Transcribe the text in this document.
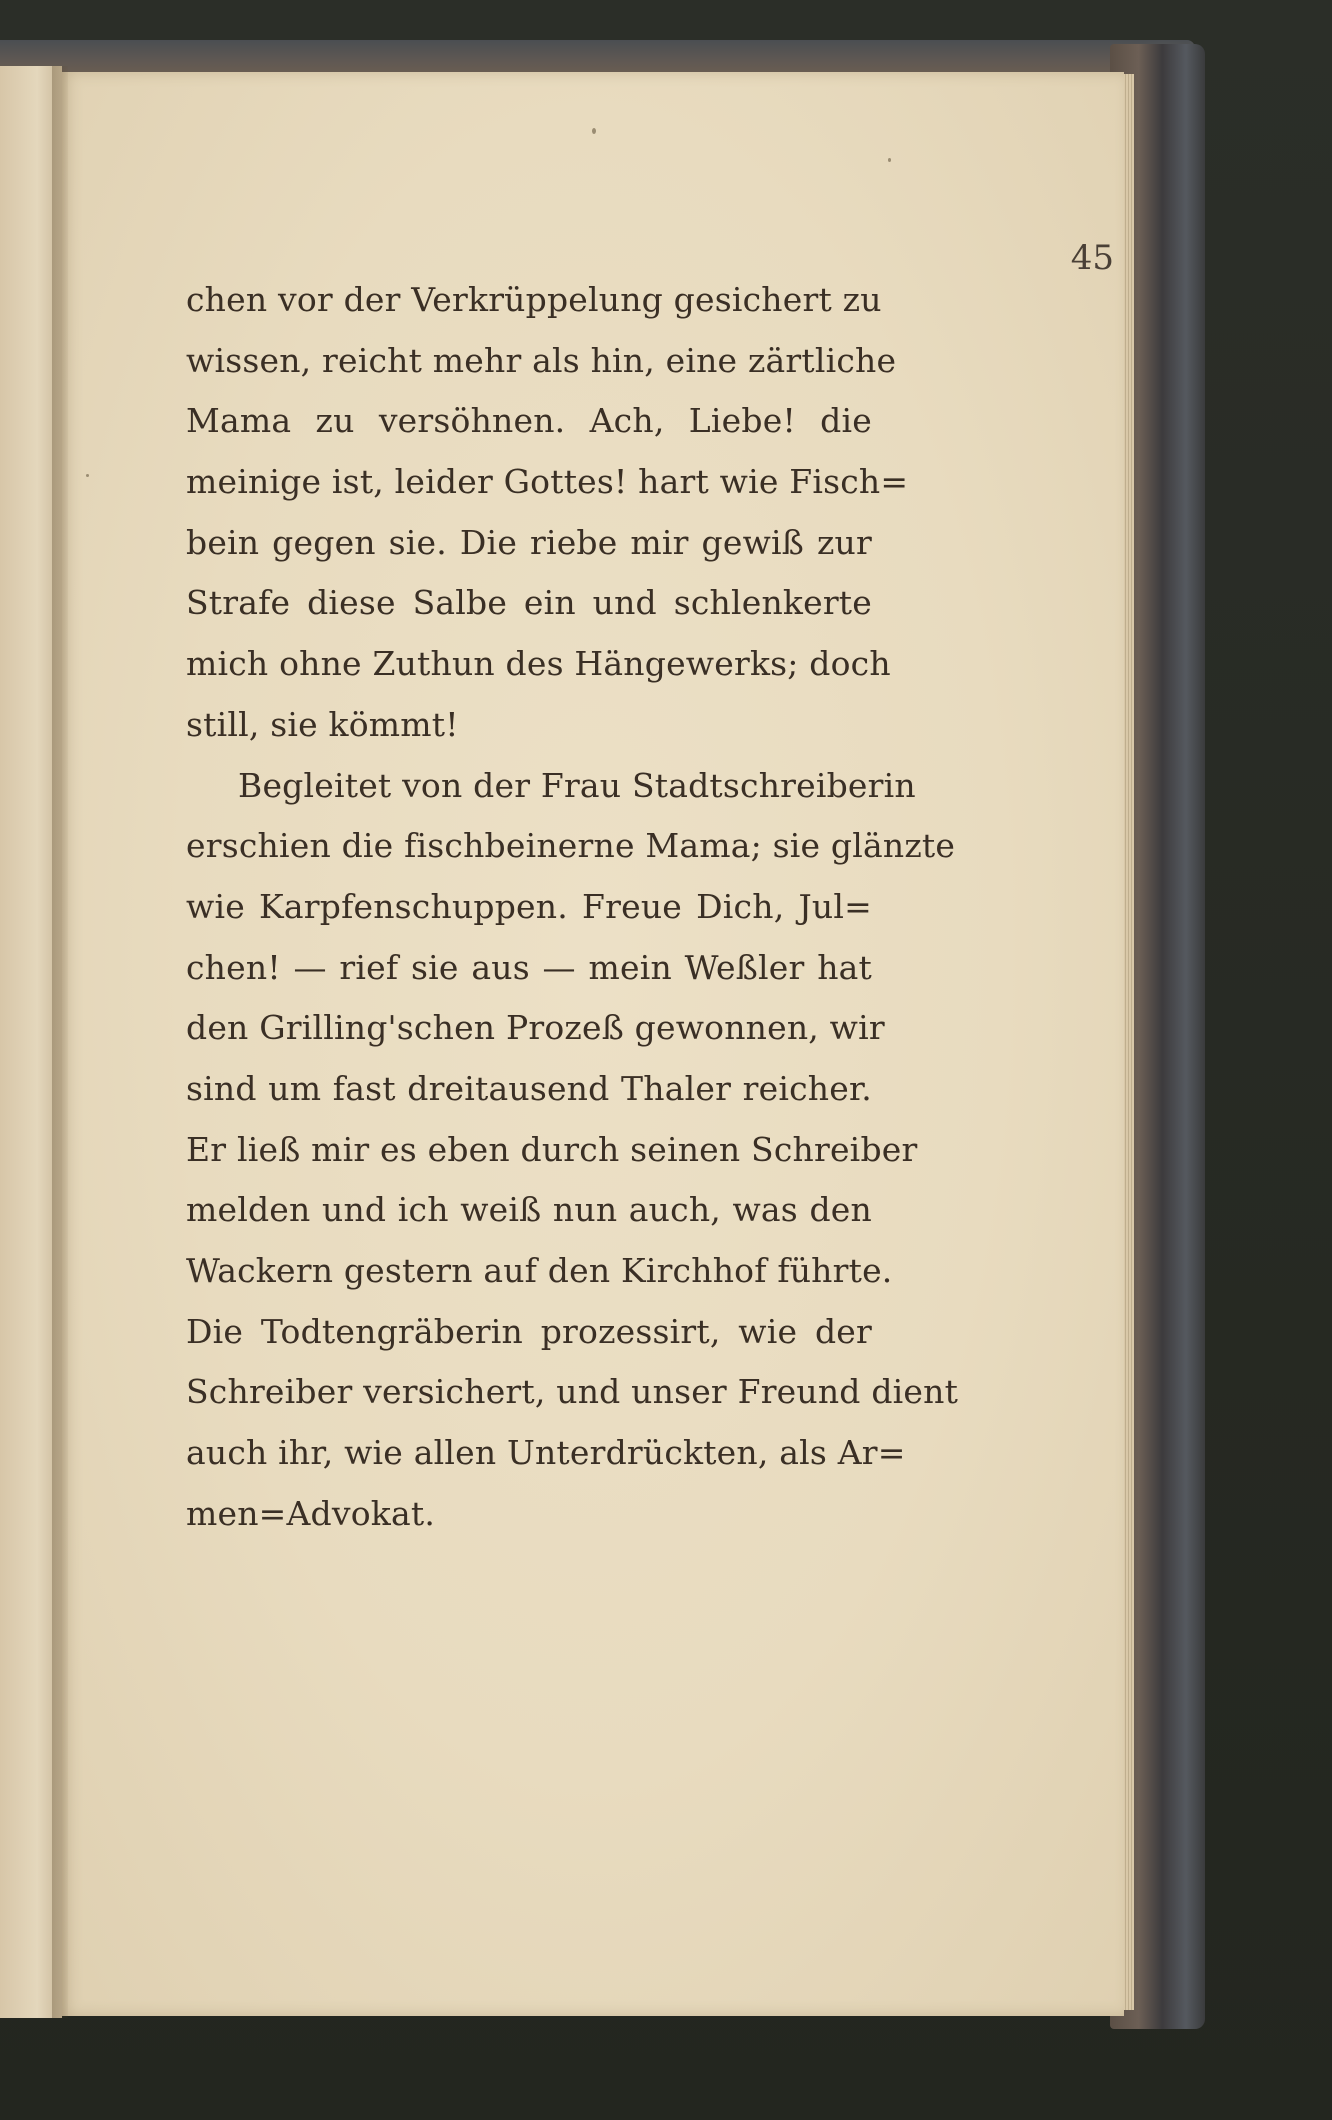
45
chen vor der Verkrüppelung gesichert zu
wissen, reicht mehr als hin, eine zärtliche
Mama zu versöhnen. Ach, Liebe! die
meinige ist, leider Gottes! hart wie Fisch=
bein gegen sie. Die riebe mir gewiß zur
Strafe diese Salbe ein und schlenkerte
mich ohne Zuthun des Hängewerks; doch
still, sie kömmt!
Begleitet von der Frau Stadtschreiberin
erschien die fischbeinerne Mama; sie glänzte
wie Karpfenschuppen. Freue Dich, Jul=
chen! — rief sie aus — mein Weßler hat
den Grilling'schen Prozeß gewonnen, wir
sind um fast dreitausend Thaler reicher.
Er ließ mir es eben durch seinen Schreiber
melden und ich weiß nun auch, was den
Wackern gestern auf den Kirchhof führte.
Die Todtengräberin prozessirt, wie der
Schreiber versichert, und unser Freund dient
auch ihr, wie allen Unterdrückten, als Ar=
men=Advokat.
